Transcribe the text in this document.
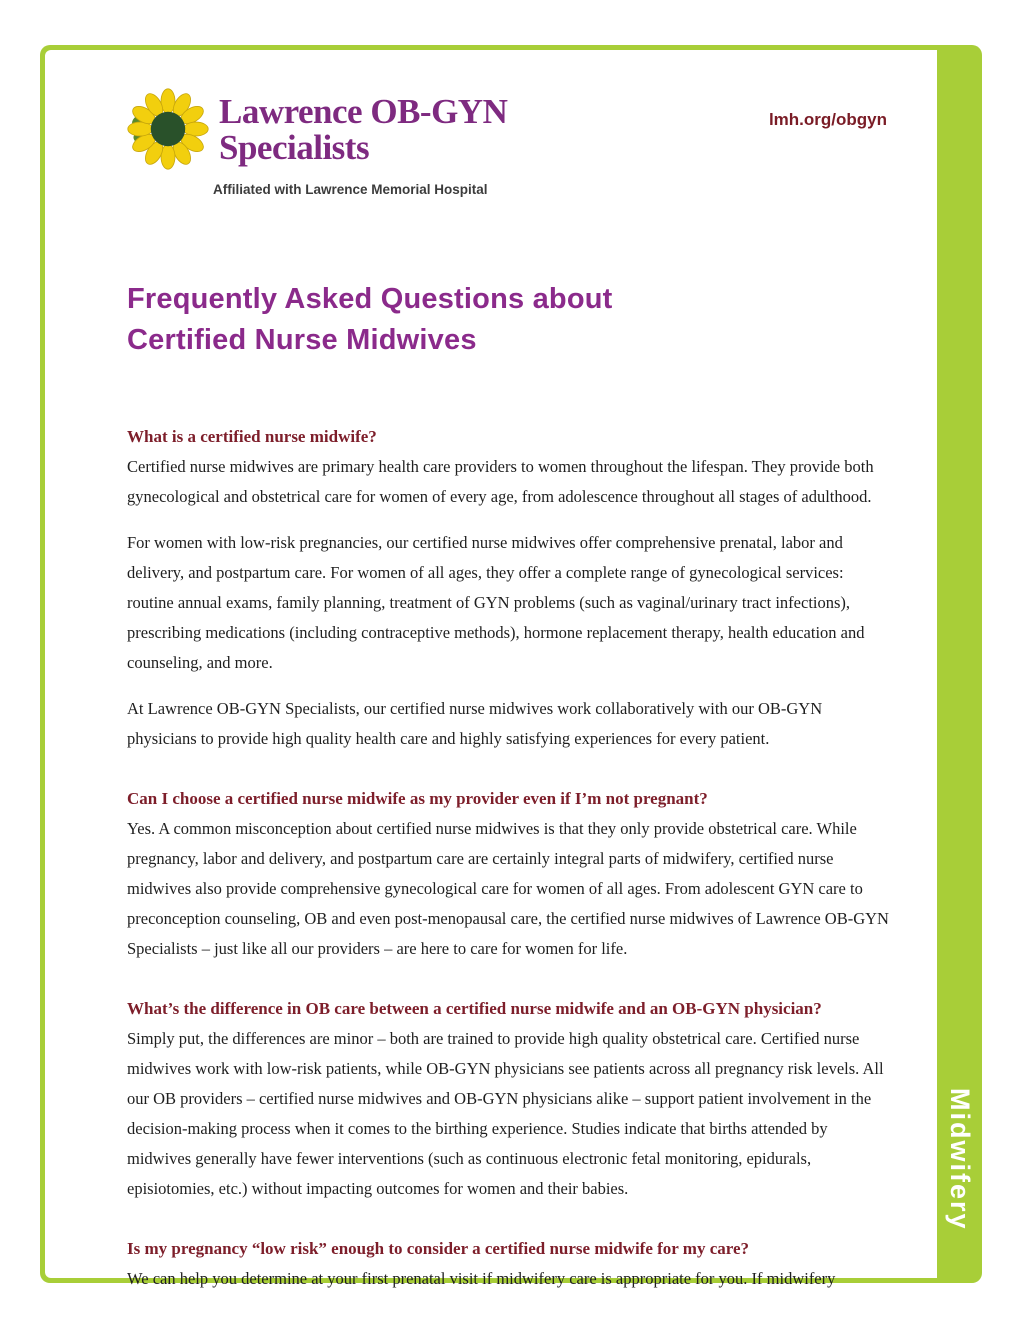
Lawrence OB-GYN
Specialists
Affiliated with Lawrence Memorial Hospital
lmh.org/obgyn
Frequently Asked Questions about
Certified Nurse Midwives

What is a certified nurse midwife?

Certified nurse midwives are primary health care providers to women throughout the lifespan. They provide both gynecological and obstetrical care for women of every age, from adolescence throughout all stages of adulthood.

For women with low-risk pregnancies, our certified nurse midwives offer comprehensive prenatal, labor and delivery, and postpartum care. For women of all ages, they offer a complete range of gynecological services: routine annual exams, family planning, treatment of GYN problems (such as vaginal/urinary tract infections), prescribing medications (including contraceptive methods), hormone replacement therapy, health education and counseling, and more.

At Lawrence OB-GYN Specialists, our certified nurse midwives work collaboratively with our OB-GYN physicians to provide high quality health care and highly satisfying experiences for every patient.

Can I choose a certified nurse midwife as my provider even if I’m not pregnant?

Yes. A common misconception about certified nurse midwives is that they only provide obstetrical care. While pregnancy, labor and delivery, and postpartum care are certainly integral parts of midwifery, certified nurse midwives also provide comprehensive gynecological care for women of all ages. From adolescent GYN care to preconception counseling, OB and even post-menopausal care, the certified nurse midwives of Lawrence OB-GYN Specialists – just like all our providers – are here to care for women for life.

What’s the difference in OB care between a certified nurse midwife and an OB-GYN physician?

Simply put, the differences are minor – both are trained to provide high quality obstetrical care. Certified nurse midwives work with low-risk patients, while OB-GYN physicians see patients across all pregnancy risk levels. All our OB providers – certified nurse midwives and OB-GYN physicians alike – support patient involvement in the decision-making process when it comes to the birthing experience. Studies indicate that births attended by midwives generally have fewer interventions (such as continuous electronic fetal monitoring, epidurals, episiotomies, etc.) without impacting outcomes for women and their babies.

Is my pregnancy “low risk” enough to consider a certified nurse midwife for my care?

We can help you determine at your first prenatal visit if midwifery care is appropriate for you. If midwifery

Midwifery
